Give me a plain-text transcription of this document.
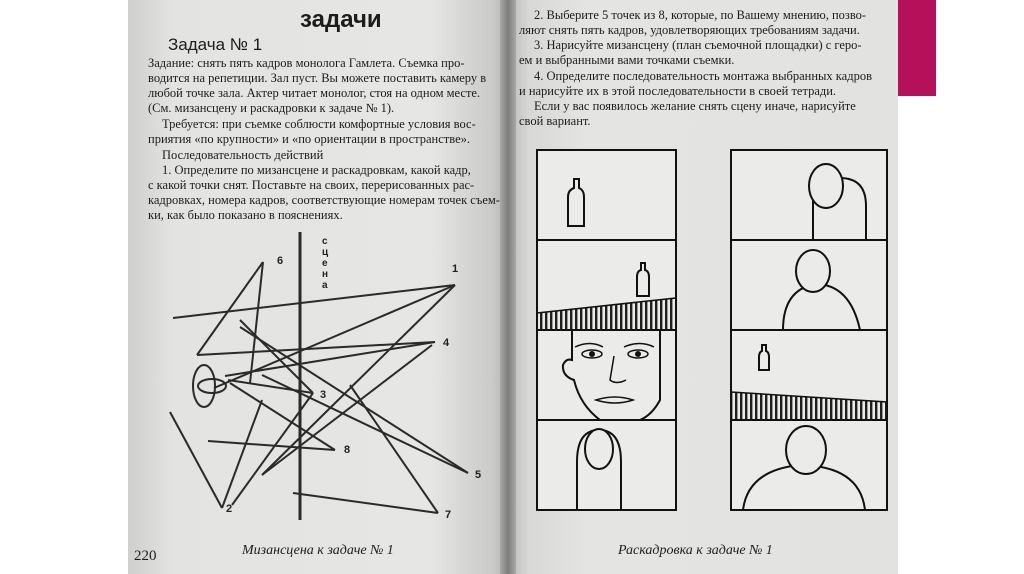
задачи
Задача № 1
Задание: снять пять кадров монолога Гамлета. Съемка про-
водится на репетиции. Зал пуст. Вы можете поставить камеру в
любой точке зала. Актер читает монолог, стоя на одном месте.
(См. мизансцену и раскадровки к задаче № 1).
Требуется: при съемке соблюсти комфортные условия вос-
приятия «по крупности» и «по ориентации в пространстве».
Последовательность действий
1. Определите по мизансцене и раскадровкам, какой кадр,
с какой точки снят. Поставьте на своих, перерисованных рас-
кадровках, номера кадров, соответствующие номерам точек съем-
ки, как было показано в пояснениях.
с
ц
е
н
а
1
2
3
4
5
6
7
8
Мизансцена к задаче № 1
220
2. Выберите 5 точек из 8, которые, по Вашему мнению, позво-
ляют снять пять кадров, удовлетворяющих требованиям задачи.
3. Нарисуйте мизансцену (план съемочной площадки) с геро-
ем и выбранными вами точками съемки.
4. Определите последовательность монтажа выбранных кадров
и нарисуйте их в этой последовательности в своей тетради.
Если у вас появилось желание снять сцену иначе, нарисуйте
свой вариант.
Раскадровка к задаче № 1
